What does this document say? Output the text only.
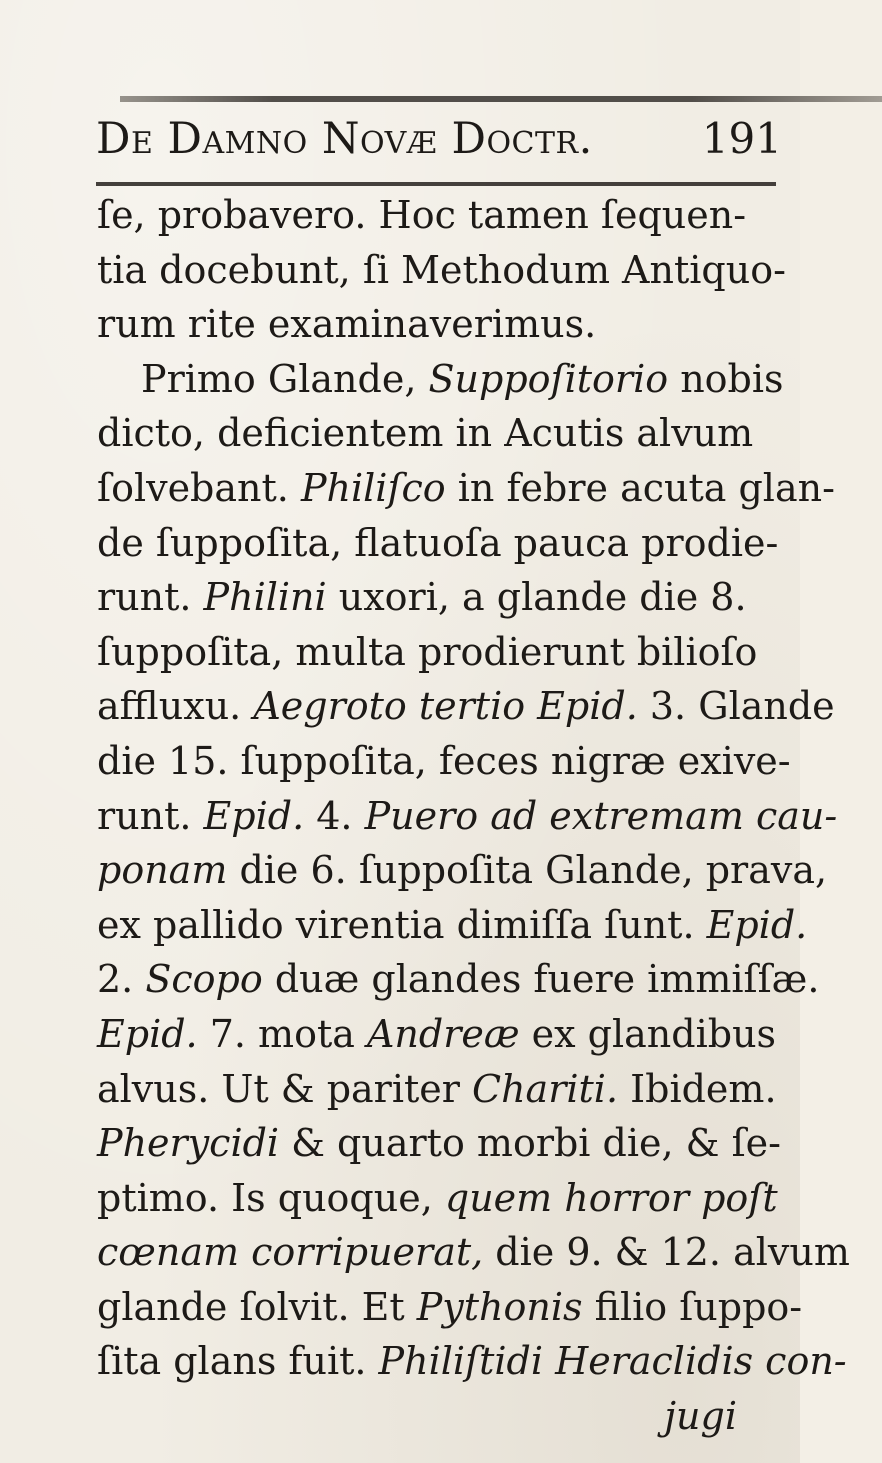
De Damno Novæ Doctr.	191
ſe, probavero. Hoc tamen ſequen-
tia docebunt, ſi Methodum Antiquo-
rum rite examinaverimus.
Primo Glande, Suppoſitorio nobis
dicto, deficientem in Acutis alvum
ſolvebant. Philiſco in febre acuta glan-
de ſuppoſita, flatuoſa pauca prodie-
runt. Philini uxori, a glande die 8.
ſuppoſita, multa prodierunt bilioſo
affluxu. Aegroto tertio Epid. 3. Glande
die 15. ſuppoſita, feces nigræ exive-
runt. Epid. 4. Puero ad extremam cau-
ponam die 6. ſuppoſita Glande, prava,
ex pallido virentia dimiſſa ſunt. Epid.
2. Scopo duæ glandes fuere immiſſæ.
Epid. 7. mota Andreæ ex glandibus
alvus. Ut & pariter Chariti. Ibidem.
Pherycidi & quarto morbi die, & ſe-
ptimo. Is quoque, quem horror poſt
cœnam corripuerat, die 9. & 12. alvum
glande ſolvit. Et Pythonis filio ſuppo-
ſita glans fuit. Philiſtidi Heraclidis con-
jugi
